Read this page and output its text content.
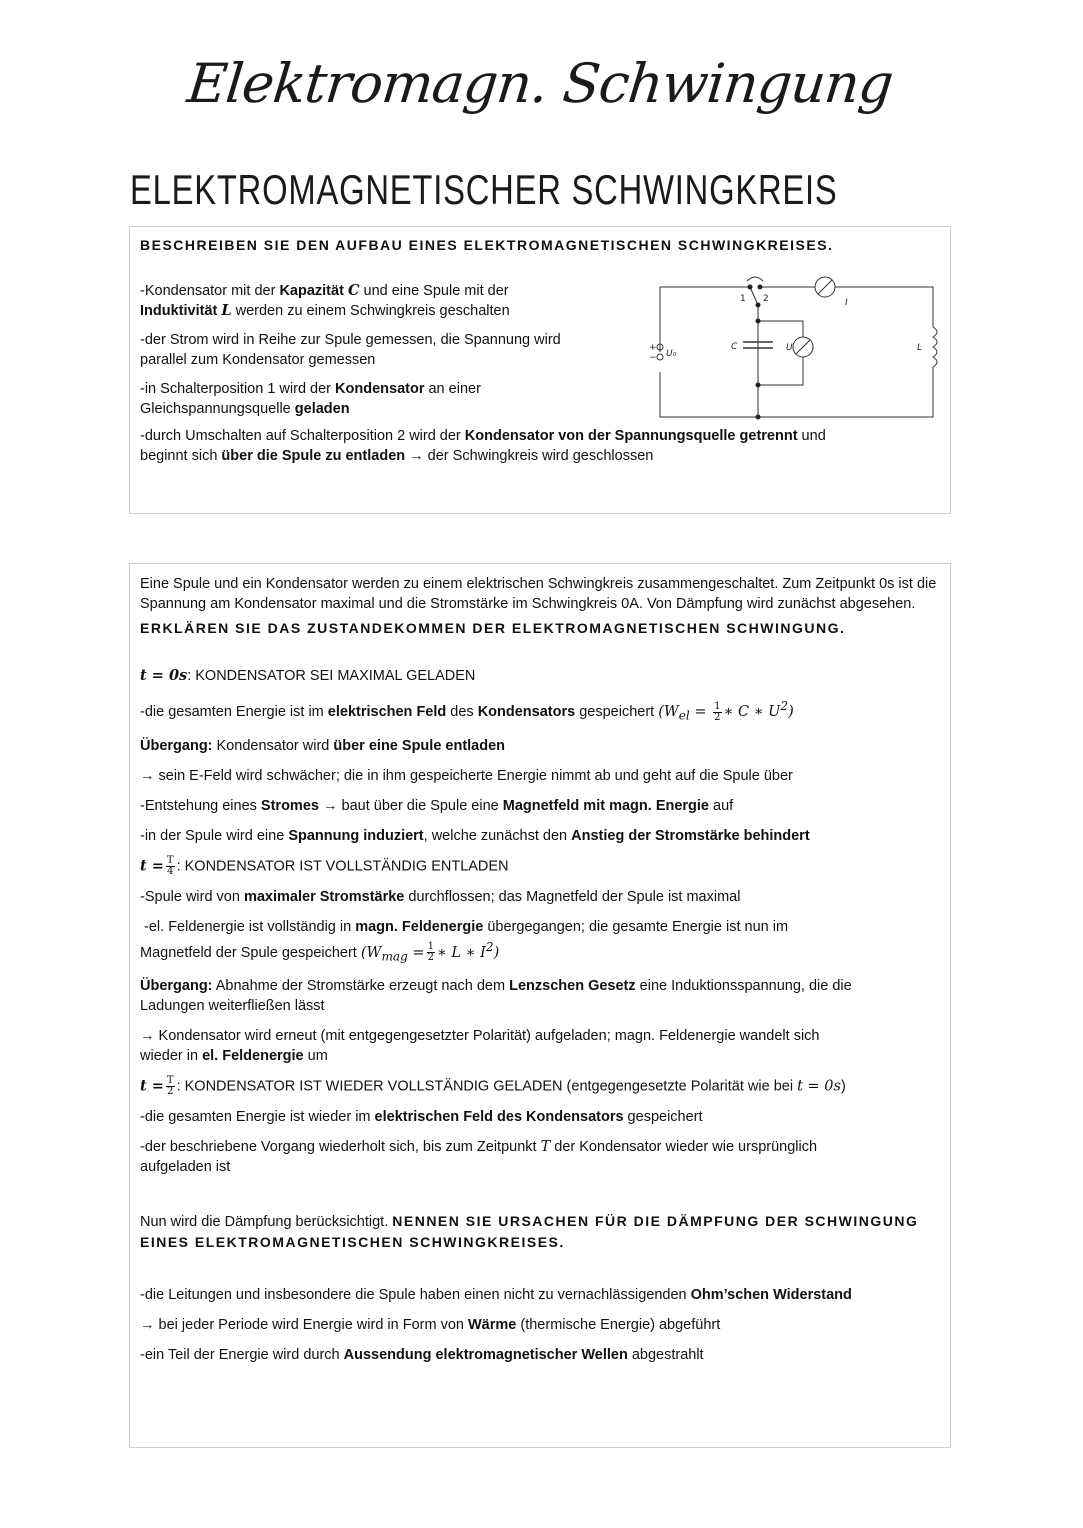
Elektromagn. Schwingung
ELEKTROMAGNETISCHER SCHWINGKREIS
BESCHREIBEN SIE DEN AUFBAU EINES ELEKTROMAGNETISCHEN SCHWINGKREISES.

-Kondensator mit der Kapazität C und eine Spule mit der
Induktivität L werden zu einem Schwingkreis geschalten

-der Strom wird in Reihe zur Spule gemessen, die Spannung wird
parallel zum Kondensator gemessen

-in Schalterposition 1 wird der Kondensator an einer
Gleichspannungsquelle geladen

-durch Umschalten auf Schalterposition 2 wird der Kondensator von der Spannungsquelle getrennt und
beginnt sich über die Spule zu entladen → der Schwingkreis wird geschlossen

1 2
+
− U₀
C	U
I
L

Eine Spule und ein Kondensator werden zu einem elektrischen Schwingkreis zusammengeschaltet. Zum Zeitpunkt 0s ist die Spannung am Kondensator maximal und die Stromstärke im Schwingkreis 0A. Von Dämpfung wird zunächst abgesehen.

ERKLÄREN SIE DAS ZUSTANDEKOMMEN DER ELEKTROMAGNETISCHEN SCHWINGUNG.

t = 0s: KONDENSATOR SEI MAXIMAL GELADEN

-die gesamten Energie ist im elektrischen Feld des Kondensators gespeichert ($W_{el} = \frac{1}{2}$ ∗ C ∗ $U^2$)

Übergang: Kondensator wird über eine Spule entladen

→ sein E-Feld wird schwächer; die in ihm gespeicherte Energie nimmt ab und geht auf die Spule über

-Entstehung eines Stromes → baut über die Spule eine Magnetfeld mit magn. Energie auf

-in der Spule wird eine Spannung induziert, welche zunächst den Anstieg der Stromstärke behindert

$t = \frac{T}{4}$ : KONDENSATOR IST VOLLSTÄNDIG ENTLADEN

-Spule wird von maximaler Stromstärke durchflossen; das Magnetfeld der Spule ist maximal

-el. Feldenergie ist vollständig in magn. Feldenergie übergegangen; die gesamte Energie ist nun im
Magnetfeld der Spule gespeichert ($W_{mag} = \frac{1}{2}$ ∗ L ∗ $I^2$)

Übergang: Abnahme der Stromstärke erzeugt nach dem Lenzschen Gesetz eine Induktionsspannung, die die
Ladungen weiterfließen lässt

→ Kondensator wird erneut (mit entgegengesetzter Polarität) aufgeladen; magn. Feldenergie wandelt sich
wieder in el. Feldenergie um

$t = \frac{T}{2}$ : KONDENSATOR IST WIEDER VOLLSTÄNDIG GELADEN (entgegengesetzte Polarität wie bei t = 0s)

-die gesamten Energie ist wieder im elektrischen Feld des Kondensators gespeichert

-der beschriebene Vorgang wiederholt sich, bis zum Zeitpunkt T der Kondensator wieder wie ursprünglich
aufgeladen ist

Nun wird die Dämpfung berücksichtigt. NENNEN SIE URSACHEN FÜR DIE DÄMPFUNG DER SCHWINGUNG EINES ELEKTROMAGNETISCHEN SCHWINGKREISES.

-die Leitungen und insbesondere die Spule haben einen nicht zu vernachlässigenden Ohm’schen Widerstand

→ bei jeder Periode wird Energie wird in Form von Wärme (thermische Energie) abgeführt

-ein Teil der Energie wird durch Aussendung elektromagnetischer Wellen abgestrahlt
